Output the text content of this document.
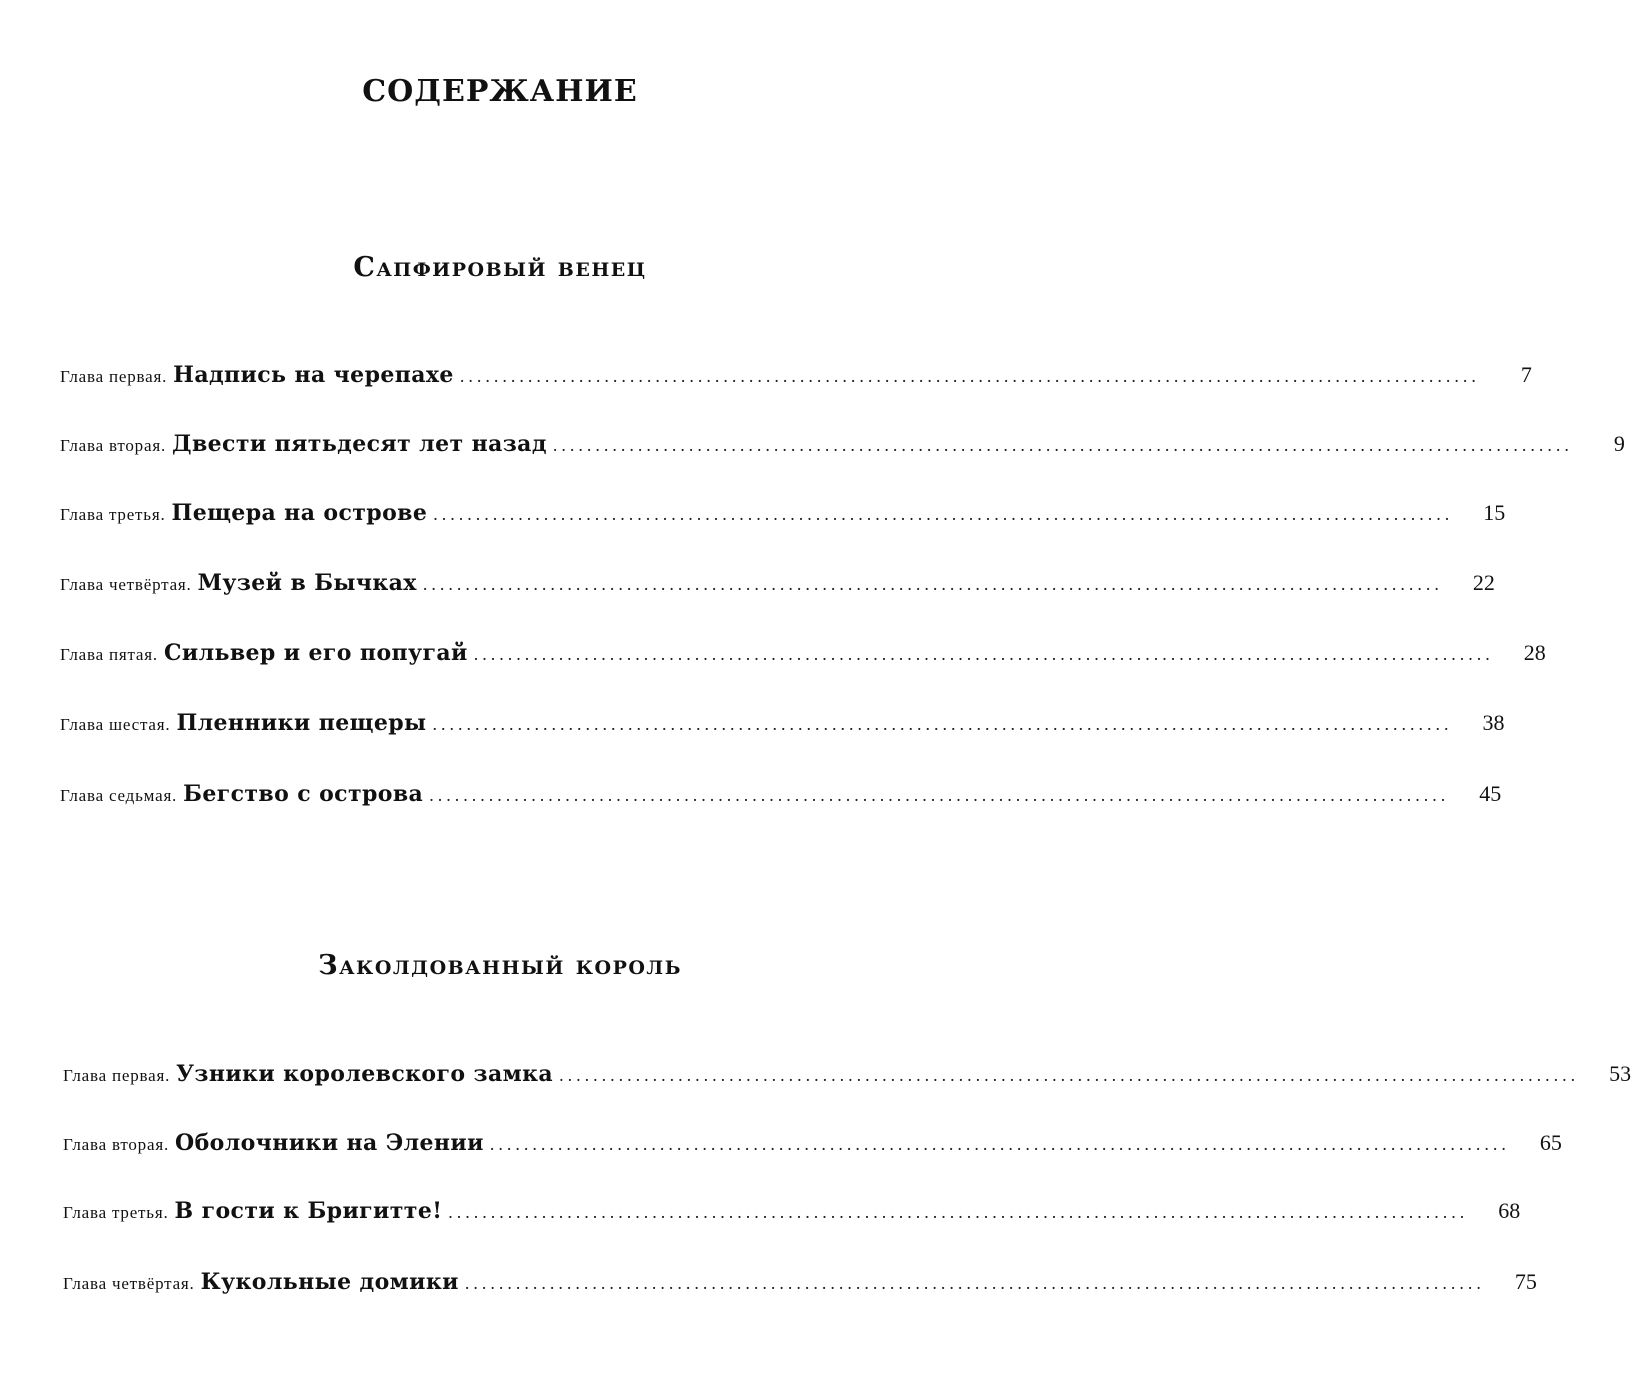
СОДЕРЖАНИЕ
Сапфировый венец
Глава первая. Надпись на черепахе ........................................................................................................................	7
Глава вторая. Двести пятьдесят лет назад ........................................................................................................................	9
Глава третья. Пещера на острове ........................................................................................................................	15
Глава четвёртая. Музей в Бычках ........................................................................................................................	22
Глава пятая. Сильвер и его попугай ........................................................................................................................	28
Глава шестая. Пленники пещеры ........................................................................................................................	38
Глава седьмая. Бегство с острова ........................................................................................................................	45
Заколдованный король
Глава первая. Узники королевского замка ........................................................................................................................	53
Глава вторая. Оболочники на Элении ........................................................................................................................	65
Глава третья. В гости к Бригитте! ........................................................................................................................	68
Глава четвёртая. Кукольные домики ........................................................................................................................	75
